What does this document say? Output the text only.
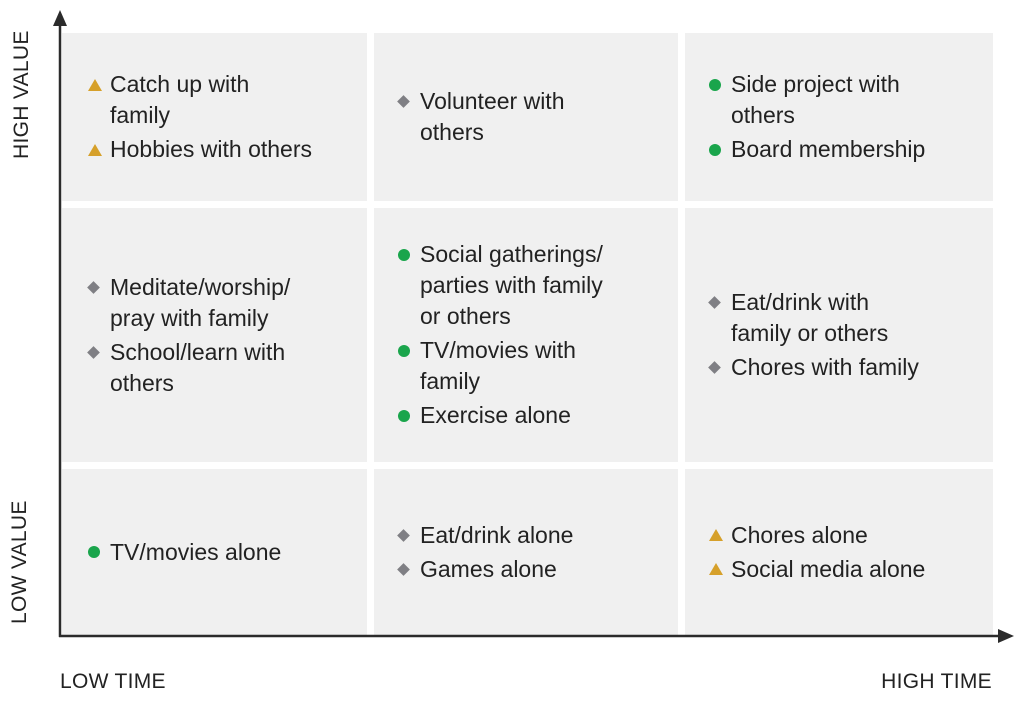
Catch up with
family
Hobbies with others
Volunteer with
others
Side project with
others
Board membership
Meditate/worship/
pray with family
School/learn with
others
Social gatherings/
parties with family
or others
TV/movies with
family
Exercise alone
Eat/drink with
family or others
Chores with family
TV/movies alone
Eat/drink alone
Games alone
Chores alone
Social media alone
HIGH VALUE
LOW VALUE
LOW TIME	HIGH TIME
